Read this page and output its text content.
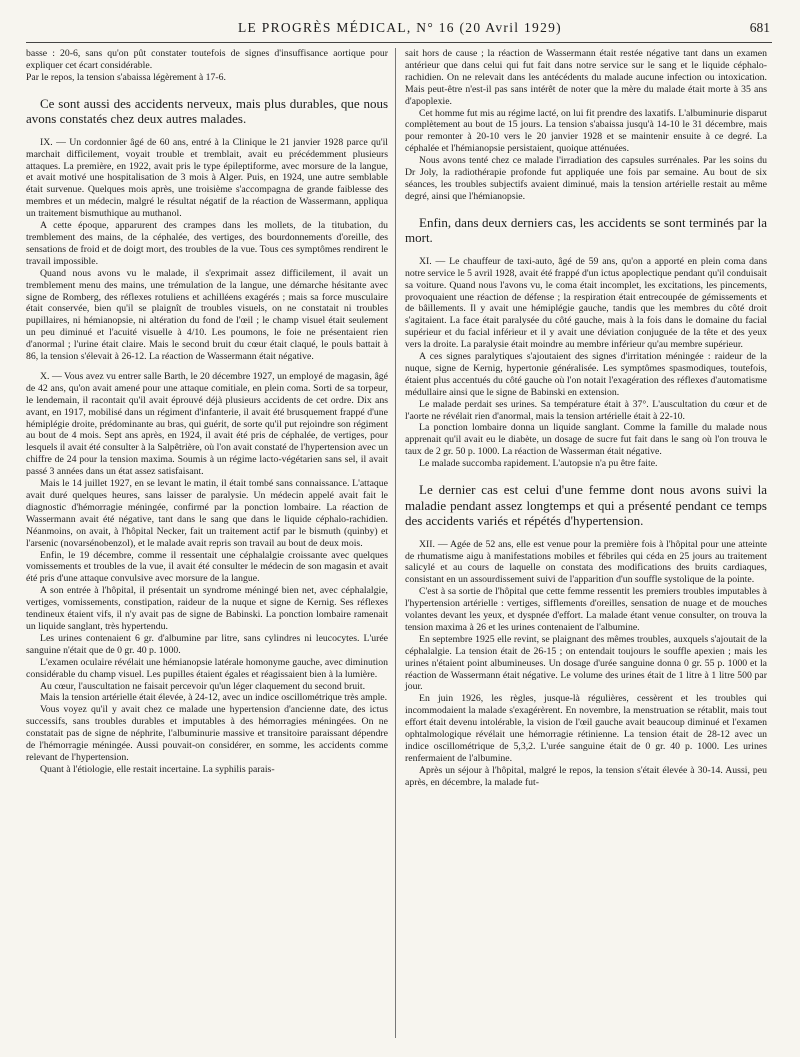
LE PROGRÈS MÉDICAL, N° 16 (20 Avril 1929)	681

basse : 20-6, sans qu'on pût constater toutefois de signes d'insuffisance aortique pour expliquer cet écart considérable.

Par le repos, la tension s'abaissa légèrement à 17-6.

Ce sont aussi des accidents nerveux, mais plus durables, que nous avons constatés chez deux autres malades.

IX. — Un cordonnier âgé de 60 ans, entré à la Clinique le 21 janvier 1928 parce qu'il marchait difficilement, voyait trouble et tremblait, avait eu précédemment plusieurs attaques. La première, en 1922, avait pris le type épileptiforme, avec morsure de la langue, et avait motivé une hospitalisation de 3 mois à Alger. Puis, en 1924, une autre semblable était survenue. Quelques mois après, une troisième s'accompagna de grande faiblesse des membres et un médecin, malgré le résultat négatif de la réaction de Wassermann, appliqua un traitement bismuthique au muthanol.

A cette époque, apparurent des crampes dans les mollets, de la titubation, du tremblement des mains, de la céphalée, des vertiges, des bourdonnements d'oreille, des sensations de froid et de doigt mort, des troubles de la vue. Tous ces symptômes rendirent le travail impossible.

Quand nous avons vu le malade, il s'exprimait assez difficilement, il avait un tremblement menu des mains, une trémulation de la langue, une démarche hésitante avec signe de Romberg, des réflexes rotuliens et achilléens exagérés ; mais sa force musculaire était conservée, bien qu'il se plaignît de troubles visuels, on ne constatait ni troubles pupillaires, ni hémianopsie, ni altération du fond de l'œil ; le champ visuel était seulement un peu diminué et l'acuité visuelle à 4/10. Les poumons, le foie ne présentaient rien d'anormal ; l'urine était claire. Mais le second bruit du cœur était claqué, le pouls battait à 86, la tension s'élevait à 26-12. La réaction de Wassermann était négative.

X. — Vous avez vu entrer salle Barth, le 20 décembre 1927, un employé de magasin, âgé de 42 ans, qu'on avait amené pour une attaque comitiale, en plein coma. Sorti de sa torpeur, le lendemain, il racontait qu'il avait éprouvé déjà plusieurs accidents de cet ordre. Dix ans avant, en 1917, mobilisé dans un régiment d'infanterie, il avait été brusquement frappé d'une hémiplégie droite, prédominante au bras, qui guérit, de sorte qu'il put rejoindre son régiment au bout de 4 mois. Sept ans après, en 1924, il avait été pris de céphalée, de vertiges, pour lesquels il avait été consulter à la Salpêtrière, où l'on avait constaté de l'hypertension avec un chiffre de 24 pour la tension maxima. Soumis à un régime lacto-végétarien sans sel, il avait passé 3 années dans un état assez satisfaisant.

Mais le 14 juillet 1927, en se levant le matin, il était tombé sans connaissance. L'attaque avait duré quelques heures, sans laisser de paralysie. Un médecin appelé avait fait le diagnostic d'hémorragie méningée, confirmé par la ponction lombaire. La réaction de Wassermann avait été négative, tant dans le sang que dans le liquide céphalo-rachidien. Néanmoins, on avait, à l'hôpital Necker, fait un traitement actif par le bismuth (quinby) et l'arsenic (novarsénobenzol), et le malade avait repris son travail au bout de deux mois.

Enfin, le 19 décembre, comme il ressentait une céphalalgie croissante avec quelques vomissements et troubles de la vue, il avait été consulter le médecin de son magasin et avait été pris d'une attaque convulsive avec morsure de la langue.

A son entrée à l'hôpital, il présentait un syndrome méningé bien net, avec céphalalgie, vertiges, vomissements, constipation, raideur de la nuque et signe de Kernig. Ses réflexes tendineux étaient vifs, il n'y avait pas de signe de Babinski. La ponction lombaire ramenait un liquide sanglant, très hypertendu.

Les urines contenaient 6 gr. d'albumine par litre, sans cylindres ni leucocytes. L'urée sanguine n'était que de 0 gr. 40 p. 1000.

L'examen oculaire révélait une hémianopsie latérale homonyme gauche, avec diminution considérable du champ visuel. Les pupilles étaient égales et réagissaient bien à la lumière.

Au cœur, l'auscultation ne faisait percevoir qu'un léger claquement du second bruit.

Mais la tension artérielle était élevée, à 24-12, avec un indice oscillométrique très ample.

Vous voyez qu'il y avait chez ce malade une hypertension d'ancienne date, des ictus successifs, sans troubles durables et imputables à des hémorragies méningées. On ne constatait pas de signe de néphrite, l'albuminurie massive et transitoire paraissant dépendre de l'hémorragie méningée. Aussi pouvait-on considérer, en somme, les accidents comme relevant de l'hypertension.

Quant à l'étiologie, elle restait incertaine. La syphilis parais-

sait hors de cause ; la réaction de Wassermann était restée négative tant dans un examen antérieur que dans celui qui fut fait dans notre service sur le sang et le liquide céphalo-rachidien. On ne relevait dans les antécédents du malade aucune infection ou intoxication. Mais peut-être n'est-il pas sans intérêt de noter que la mère du malade était morte à 35 ans d'apoplexie.

Cet homme fut mis au régime lacté, on lui fit prendre des laxatifs. L'albuminurie disparut complètement au bout de 15 jours. La tension s'abaissa jusqu'à 14-10 le 31 décembre, mais pour remonter à 20-10 vers le 20 janvier 1928 et se maintenir ensuite à ce degré. La céphalée et l'hémianopsie persistaient, quoique atténuées.

Nous avons tenté chez ce malade l'irradiation des capsules surrénales. Par les soins du Dr Joly, la radiothérapie profonde fut appliquée une fois par semaine. Au bout de six séances, les troubles subjectifs avaient diminué, mais la tension artérielle restait au même degré, ainsi que l'hémianopsie.

Enfin, dans deux derniers cas, les accidents se sont terminés par la mort.

XI. — Le chauffeur de taxi-auto, âgé de 59 ans, qu'on a apporté en plein coma dans notre service le 5 avril 1928, avait été frappé d'un ictus apoplectique pendant qu'il conduisait sa voiture. Quand nous l'avons vu, le coma était incomplet, les excitations, les pincements, provoquaient une réaction de défense ; la respiration était entrecoupée de gémissements et de bâillements. Il y avait une hémiplégie gauche, tandis que les membres du côté droit s'agitaient. La face était paralysée du côté gauche, mais à la fois dans le domaine du facial supérieur et du facial inférieur et il y avait une déviation conjuguée de la tête et des yeux vers la droite. La paralysie était moindre au membre inférieur qu'au membre supérieur.

A ces signes paralytiques s'ajoutaient des signes d'irritation méningée : raideur de la nuque, signe de Kernig, hypertonie généralisée. Les symptômes spasmodiques, toutefois, étaient plus accentués du côté gauche où l'on notait l'exagération des réflexes d'automatisme médullaire ainsi que le signe de Babinski en extension.

Le malade perdait ses urines. Sa température était à 37°. L'auscultation du cœur et de l'aorte ne révélait rien d'anormal, mais la tension artérielle était à 22-10.

La ponction lombaire donna un liquide sanglant. Comme la famille du malade nous apprenait qu'il avait eu le diabète, un dosage de sucre fut fait dans le sang où l'on trouva le taux de 2 gr. 50 p. 1000. La réaction de Wasserman était négative.

Le malade succomba rapidement. L'autopsie n'a pu être faite.

Le dernier cas est celui d'une femme dont nous avons suivi la maladie pendant assez longtemps et qui a présenté pendant ce temps des accidents variés et répétés d'hypertension.

XII. — Agée de 52 ans, elle est venue pour la première fois à l'hôpital pour une atteinte de rhumatisme aigu à manifestations mobiles et fébriles qui céda en 25 jours au traitement salicylé et au cours de laquelle on constata des modifications des bruits cardiaques, consistant en un assourdissement suivi de l'apparition d'un souffle systolique de la pointe.

C'est à sa sortie de l'hôpital que cette femme ressentit les premiers troubles imputables à l'hypertension artérielle : vertiges, sifflements d'oreilles, sensation de nuage et de mouches volantes devant les yeux, et dyspnée d'effort. La malade étant venue consulter, on trouva la tension maxima à 26 et les urines contenaient de l'albumine.

En septembre 1925 elle revint, se plaignant des mêmes troubles, auxquels s'ajoutait de la céphalalgie. La tension était de 26-15 ; on entendait toujours le souffle apexien ; mais les urines n'étaient point albumineuses. Un dosage d'urée sanguine donna 0 gr. 55 p. 1000 et la réaction de Wassermann était négative. Le volume des urines était de 1 litre à 1 litre 500 par jour.

En juin 1926, les règles, jusque-là régulières, cessèrent et les troubles qui incommodaient la malade s'exagérèrent. En novembre, la menstruation se rétablit, mais tout effort était devenu intolérable, la vision de l'œil gauche avait beaucoup diminué et l'examen ophtalmologique révélait une hémorragie rétinienne. La tension était de 28-12 avec un indice oscillométrique de 5,3,2. L'urée sanguine était de 0 gr. 40 p. 1000. Les urines renfermaient de l'albumine.

Après un séjour à l'hôpital, malgré le repos, la tension s'était élevée à 30-14. Aussi, peu après, en décembre, la malade fut-
